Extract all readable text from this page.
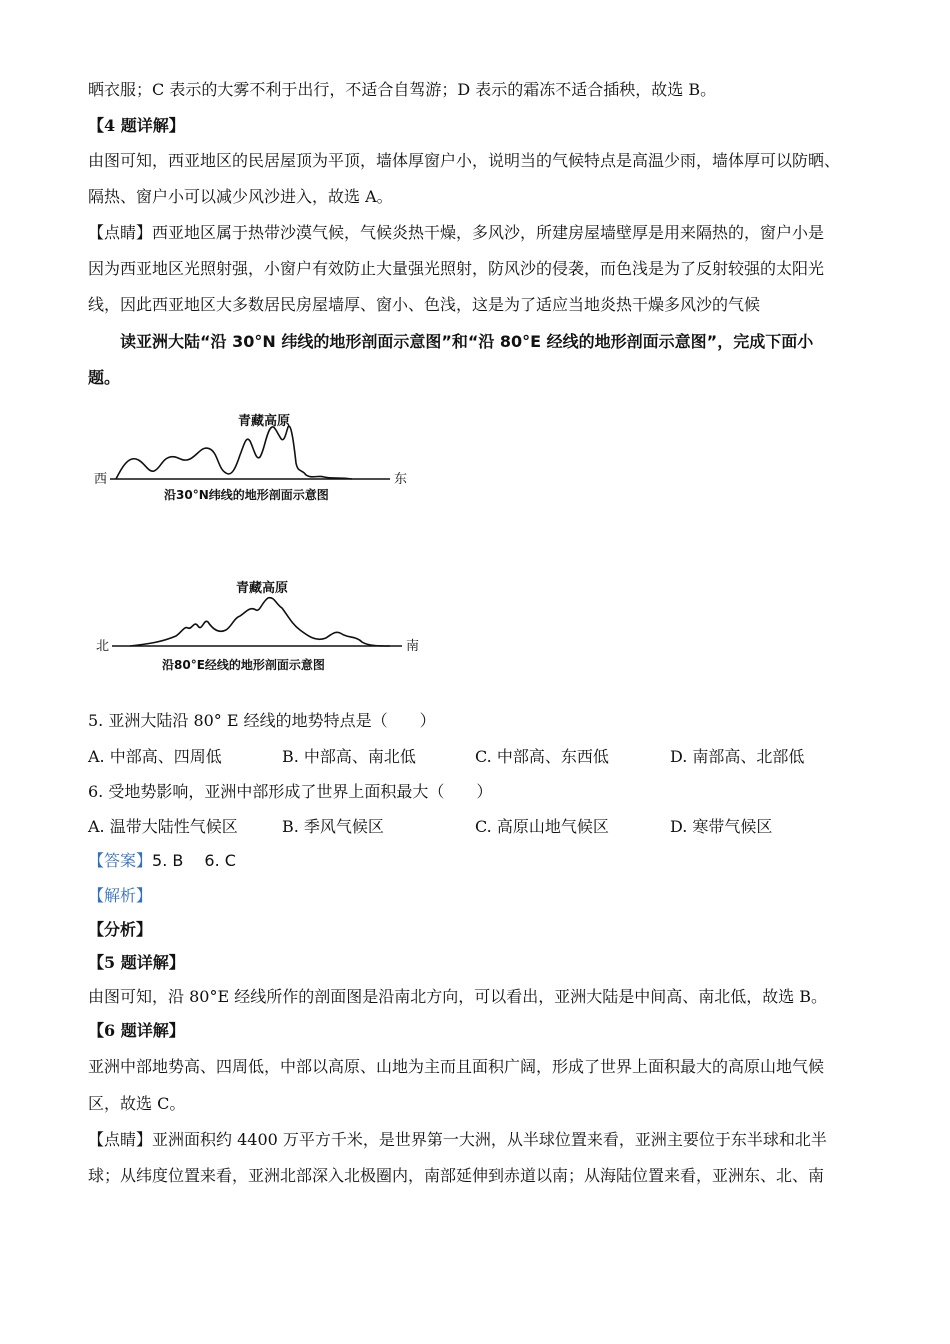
晒衣服；C 表示的大雾不利于出行，不适合自驾游；D 表示的霜冻不适合插秧，故选 B。
【4 题详解】
由图可知，西亚地区的民居屋顶为平顶，墙体厚窗户小，说明当的气候特点是高温少雨，墙体厚可以防晒、
隔热、窗户小可以减少风沙进入，故选 A。
【点睛】西亚地区属于热带沙漠气候，气候炎热干燥，多风沙，所建房屋墙壁厚是用来隔热的，窗户小是
因为西亚地区光照射强，小窗户有效防止大量强光照射，防风沙的侵袭，而色浅是为了反射较强的太阳光
线，因此西亚地区大多数居民房屋墙厚、窗小、色浅，这是为了适应当地炎热干燥多风沙的气候
读亚洲大陆“沿 30°N 纬线的地形剖面示意图”和“沿 80°E 经线的地形剖面示意图”，完成下面小
题。
青藏高原
西	东
沿30°N纬线的地形剖面示意图
青藏高原
北	南
沿80°E经线的地形剖面示意图
5. 亚洲大陆沿 80° E 经线的地势特点是（　　）
A. 中部高、四周低	B. 中部高、南北低	C. 中部高、东西低	D. 南部高、北部低
6. 受地势影响，亚洲中部形成了世界上面积最大（　　）
A. 温带大陆性气候区	B. 季风气候区	C. 高原山地气候区	D. 寒带气候区
【答案】5. B　 6. C
【解析】
【分析】
【5 题详解】
由图可知，沿 80°E 经线所作的剖面图是沿南北方向，可以看出，亚洲大陆是中间高、南北低，故选 B。
【6 题详解】
亚洲中部地势高、四周低，中部以高原、山地为主而且面积广阔，形成了世界上面积最大的高原山地气候
区，故选 C。
【点睛】亚洲面积约 4400 万平方千米，是世界第一大洲，从半球位置来看，亚洲主要位于东半球和北半
球；从纬度位置来看，亚洲北部深入北极圈内，南部延伸到赤道以南；从海陆位置来看，亚洲东、北、南
